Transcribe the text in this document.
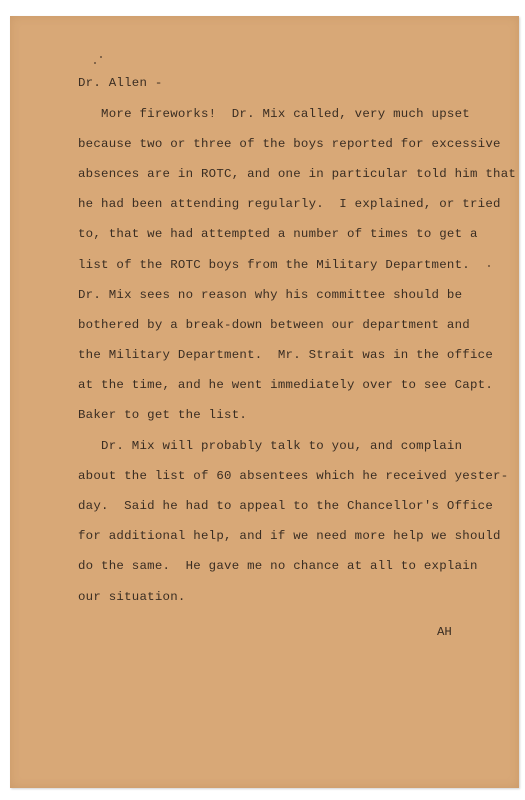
Dr. Allen -
More fireworks!  Dr. Mix called, very much upset
because two or three of the boys reported for excessive
absences are in ROTC, and one in particular told him that
he had been attending regularly.  I explained, or tried
to, that we had attempted a number of times to get a
list of the ROTC boys from the Military Department.
Dr. Mix sees no reason why his committee should be
bothered by a break-down between our department and
the Military Department.  Mr. Strait was in the office
at the time, and he went immediately over to see Capt.
Baker to get the list.
Dr. Mix will probably talk to you, and complain
about the list of 60 absentees which he received yester-
day.  Said he had to appeal to the Chancellor's Office
for additional help, and if we need more help we should
do the same.  He gave me no chance at all to explain
our situation.
AH
